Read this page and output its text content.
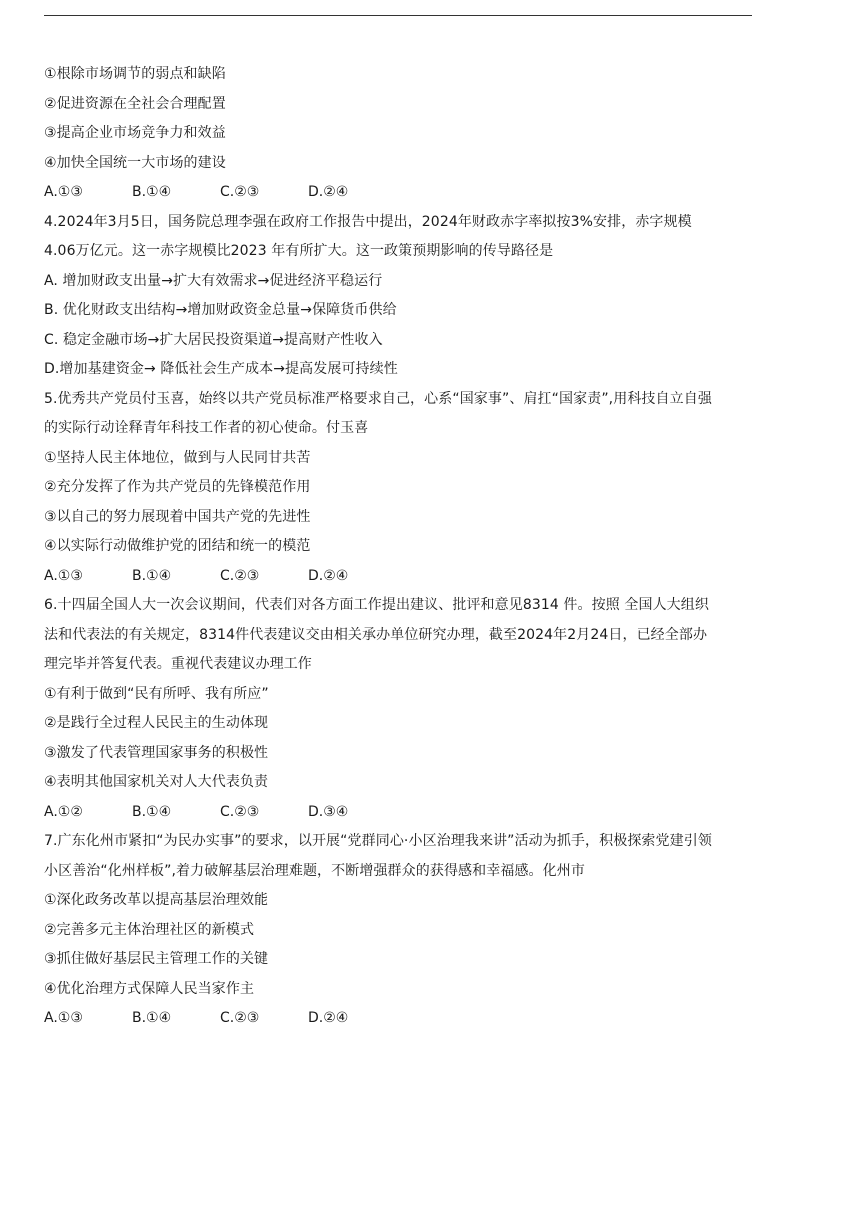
①根除市场调节的弱点和缺陷
②促进资源在全社会合理配置
③提高企业市场竞争力和效益
④加快全国统一大市场的建设
A.①③	B.①④	C.②③	D.②④
4.2024年3月5日，国务院总理李强在政府工作报告中提出，2024年财政赤字率拟按3%安排，赤字规模
4.06万亿元。这一赤字规模比2023 年有所扩大。这一政策预期影响的传导路径是
A. 增加财政支出量→扩大有效需求→促进经济平稳运行
B. 优化财政支出结构→增加财政资金总量→保障货币供给
C. 稳定金融市场→扩大居民投资渠道→提高财产性收入
D.增加基建资金→ 降低社会生产成本→提高发展可持续性
5.优秀共产党员付玉喜，始终以共产党员标准严格要求自己，心系“国家事”、肩扛“国家责”,用科技自立自强
的实际行动诠释青年科技工作者的初心使命。付玉喜
①坚持人民主体地位，做到与人民同甘共苦
②充分发挥了作为共产党员的先锋模范作用
③以自己的努力展现着中国共产党的先进性
④以实际行动做维护党的团结和统一的模范
A.①③	B.①④	C.②③	D.②④
6.十四届全国人大一次会议期间，代表们对各方面工作提出建议、批评和意见8314 件。按照 全国人大组织
法和代表法的有关规定，8314件代表建议交由相关承办单位研究办理，截至2024年2月24日，已经全部办
理完毕并答复代表。重视代表建议办理工作
①有利于做到“民有所呼、我有所应”
②是践行全过程人民民主的生动体现
③激发了代表管理国家事务的积极性
④表明其他国家机关对人大代表负责
A.①②	B.①④	C.②③	D.③④
7.广东化州市紧扣“为民办实事”的要求，以开展“党群同心·小区治理我来讲”活动为抓手，积极探索党建引领
小区善治“化州样板”,着力破解基层治理难题，不断增强群众的获得感和幸福感。化州市
①深化政务改革以提高基层治理效能
②完善多元主体治理社区的新模式
③抓住做好基层民主管理工作的关键
④优化治理方式保障人民当家作主
A.①③	B.①④	C.②③	D.②④
